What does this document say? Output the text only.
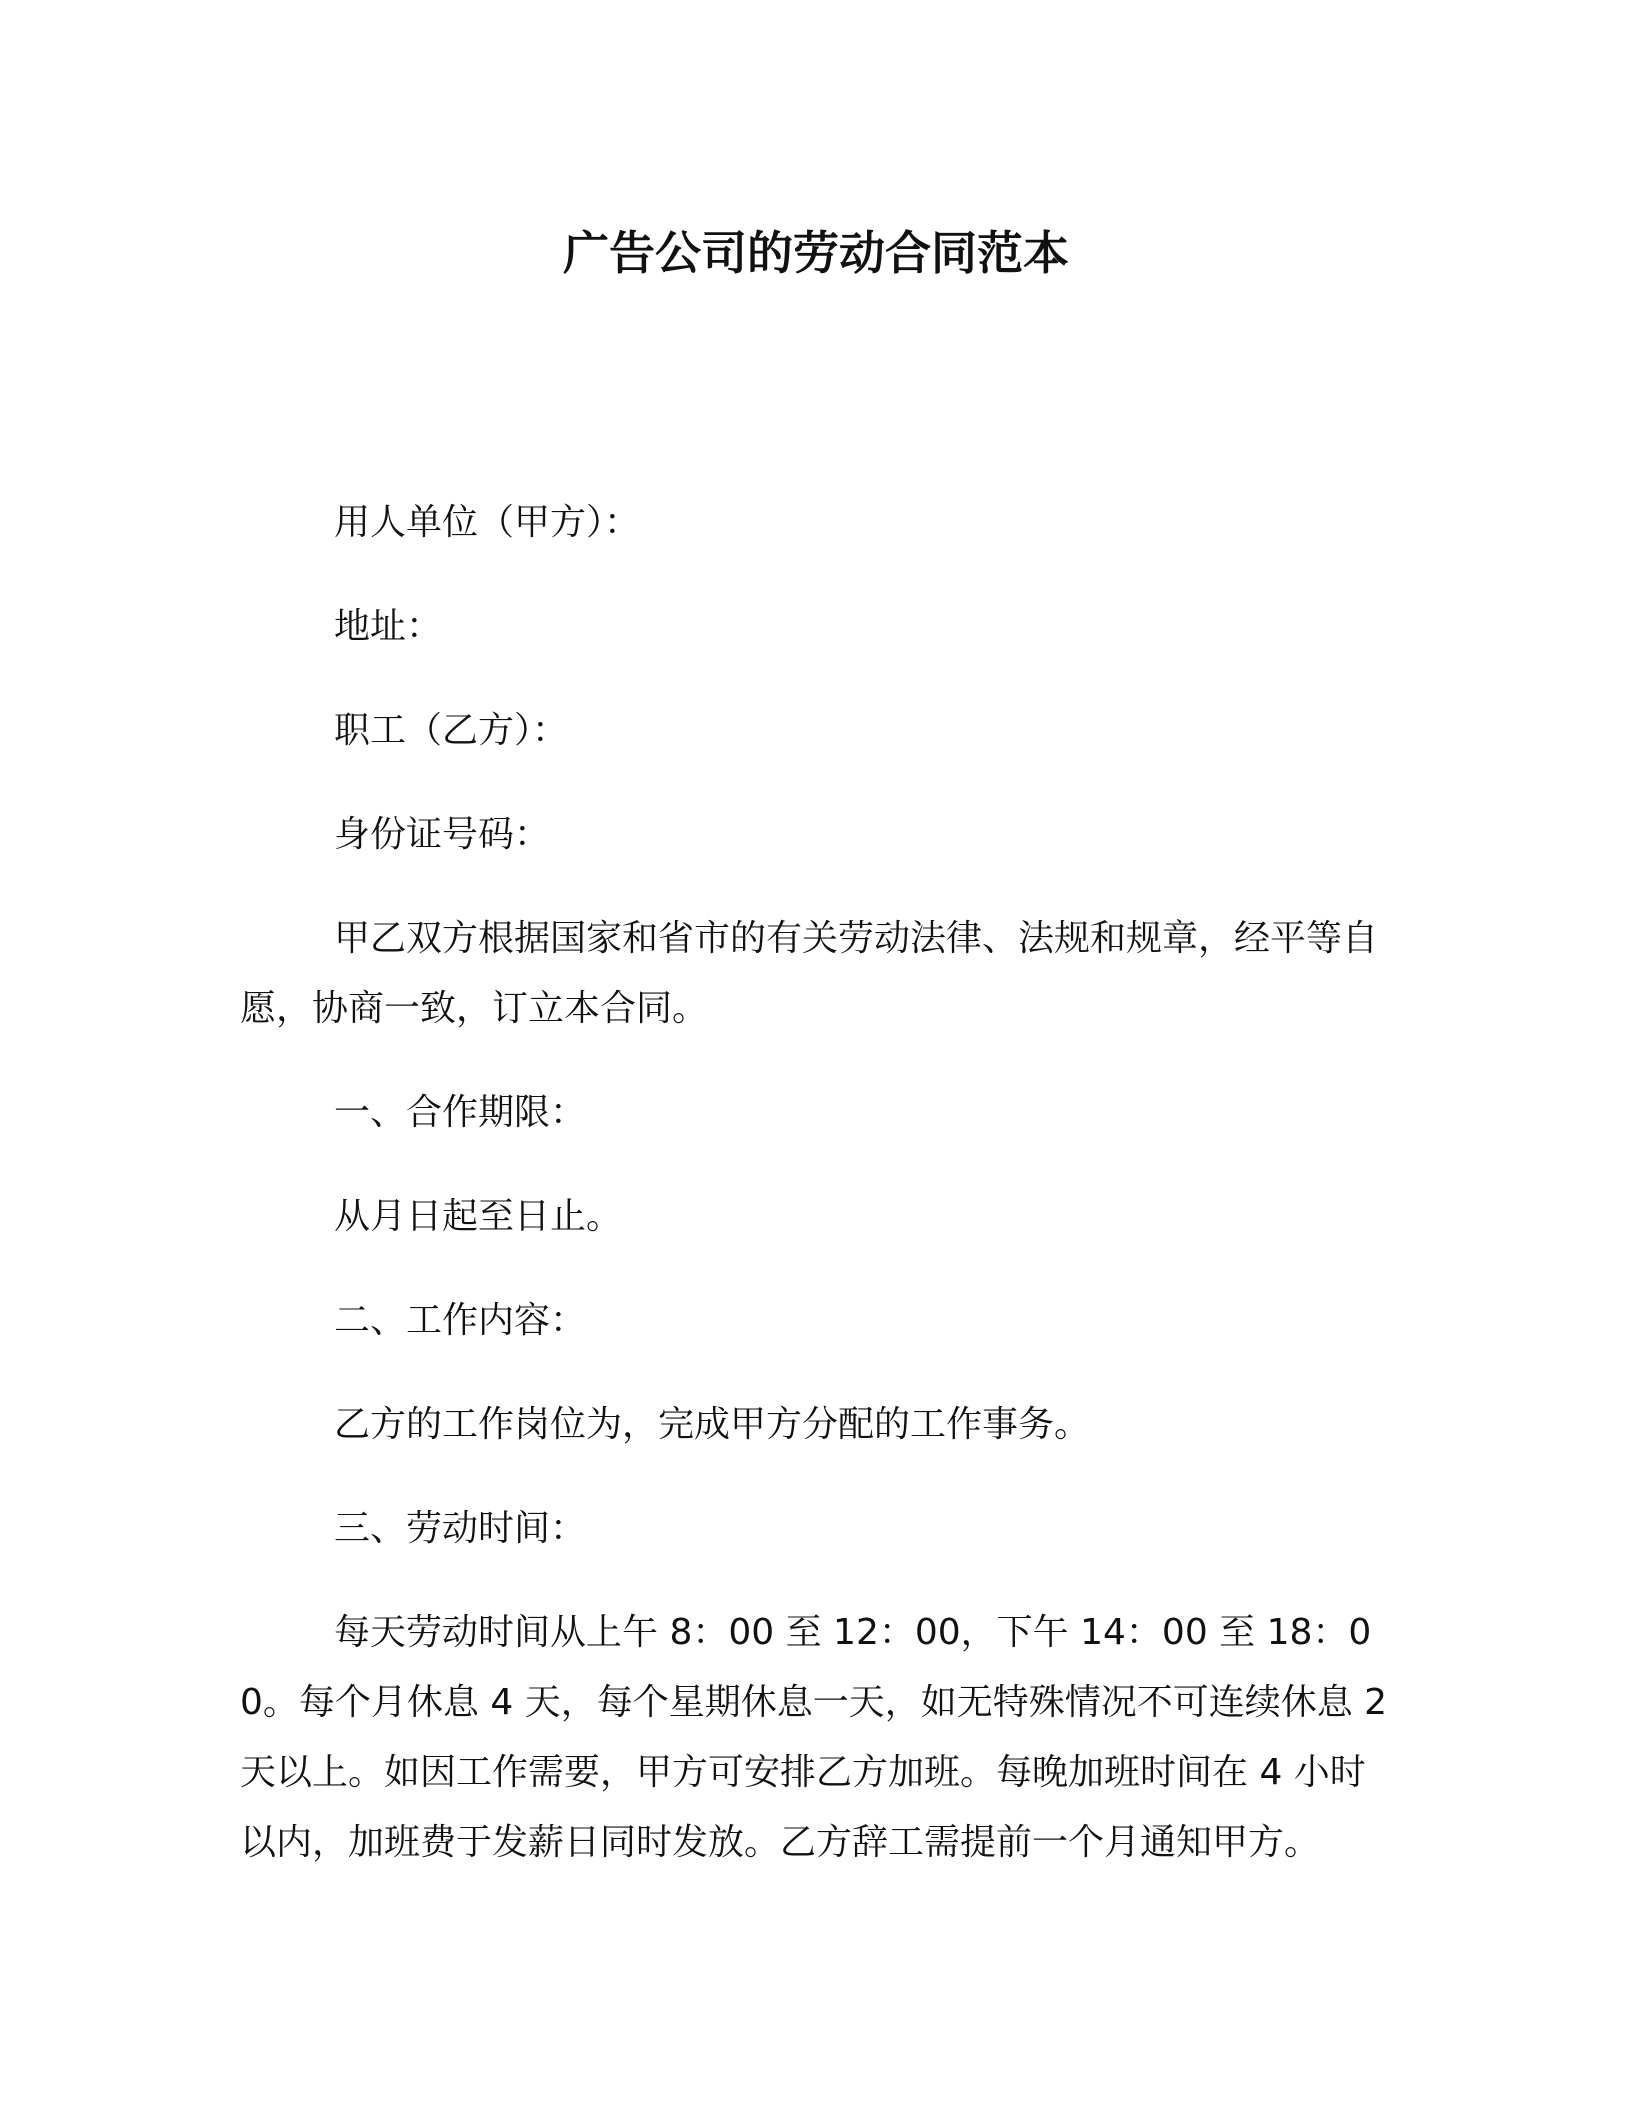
广告公司的劳动合同范本

用人单位（甲方）：

地址：

职工（乙方）：

身份证号码：

甲乙双方根据国家和省市的有关劳动法律、法规和规章，经平等自愿，协商一致，订立本合同。

一、合作期限：

从月日起至日止。

二、工作内容：

乙方的工作岗位为，完成甲方分配的工作事务。

三、劳动时间：

每天劳动时间从上午 8：00 至 12：00，下午 14：00 至 18：00。每个月休息 4 天，每个星期休息一天，如无特殊情况不可连续休息 2 天以上。如因工作需要，甲方可安排乙方加班。每晚加班时间在 4 小时以内，加班费于发薪日同时发放。乙方辞工需提前一个月通知甲方。
